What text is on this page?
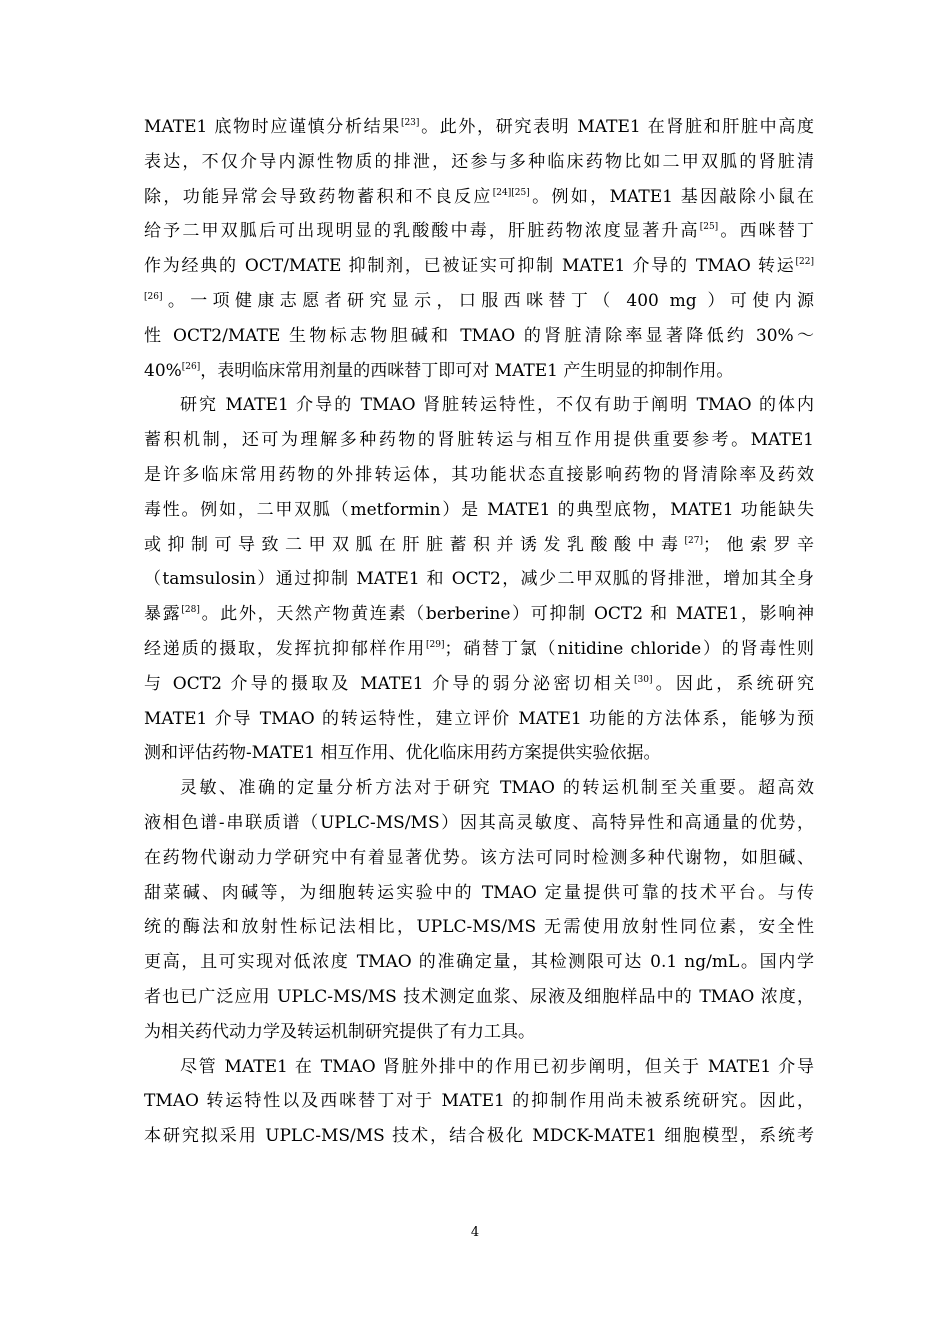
MATE1 底物时应谨慎分析结果[23]。此外，研究表明 MATE1 在肾脏和肝脏中高度
表达，不仅介导内源性物质的排泄，还参与多种临床药物比如二甲双胍的肾脏清
除，功能异常会导致药物蓄积和不良反应[24][25]。例如，MATE1 基因敲除小鼠在
给予二甲双胍后可出现明显的乳酸酸中毒，肝脏药物浓度显著升高[25]。西咪替丁
作为经典的 OCT/MATE 抑制剂，已被证实可抑制 MATE1 介导的 TMAO 转运[22]
[26]。一项健康志愿者研究显示，口服西咪替丁（ 400 mg ）可使内源
性 OCT2/MATE 生物标志物胆碱和 TMAO 的肾脏清除率显著降低约 30%～
40%[26]，表明临床常用剂量的西咪替丁即可对 MATE1 产生明显的抑制作用。
研究 MATE1 介导的 TMAO 肾脏转运特性，不仅有助于阐明 TMAO 的体内
蓄积机制，还可为理解多种药物的肾脏转运与相互作用提供重要参考。MATE1
是许多临床常用药物的外排转运体，其功能状态直接影响药物的肾清除率及药效
毒性。例如，二甲双胍（metformin）是 MATE1 的典型底物，MATE1 功能缺失
或抑制可导致二甲双胍在肝脏蓄积并诱发乳酸酸中毒[27]；他索罗辛
（tamsulosin）通过抑制 MATE1 和 OCT2，减少二甲双胍的肾排泄，增加其全身
暴露[28]。此外，天然产物黄连素（berberine）可抑制 OCT2 和 MATE1，影响神
经递质的摄取，发挥抗抑郁样作用[29]；硝替丁氯（nitidine chloride）的肾毒性则
与 OCT2 介导的摄取及 MATE1 介导的弱分泌密切相关[30]。因此，系统研究
MATE1 介导 TMAO 的转运特性，建立评价 MATE1 功能的方法体系，能够为预
测和评估药物-MATE1 相互作用、优化临床用药方案提供实验依据。
灵敏、准确的定量分析方法对于研究 TMAO 的转运机制至关重要。超高效
液相色谱-串联质谱（UPLC-MS/MS）因其高灵敏度、高特异性和高通量的优势，
在药物代谢动力学研究中有着显著优势。该方法可同时检测多种代谢物，如胆碱、
甜菜碱、肉碱等，为细胞转运实验中的 TMAO 定量提供可靠的技术平台。与传
统的酶法和放射性标记法相比，UPLC-MS/MS 无需使用放射性同位素，安全性
更高，且可实现对低浓度 TMAO 的准确定量，其检测限可达 0.1 ng/mL。国内学
者也已广泛应用 UPLC-MS/MS 技术测定血浆、尿液及细胞样品中的 TMAO 浓度，
为相关药代动力学及转运机制研究提供了有力工具。
尽管 MATE1 在 TMAO 肾脏外排中的作用已初步阐明，但关于 MATE1 介导
TMAO 转运特性以及西咪替丁对于 MATE1 的抑制作用尚未被系统研究。因此，
本研究拟采用 UPLC-MS/MS 技术，结合极化 MDCK-MATE1 细胞模型，系统考
4
